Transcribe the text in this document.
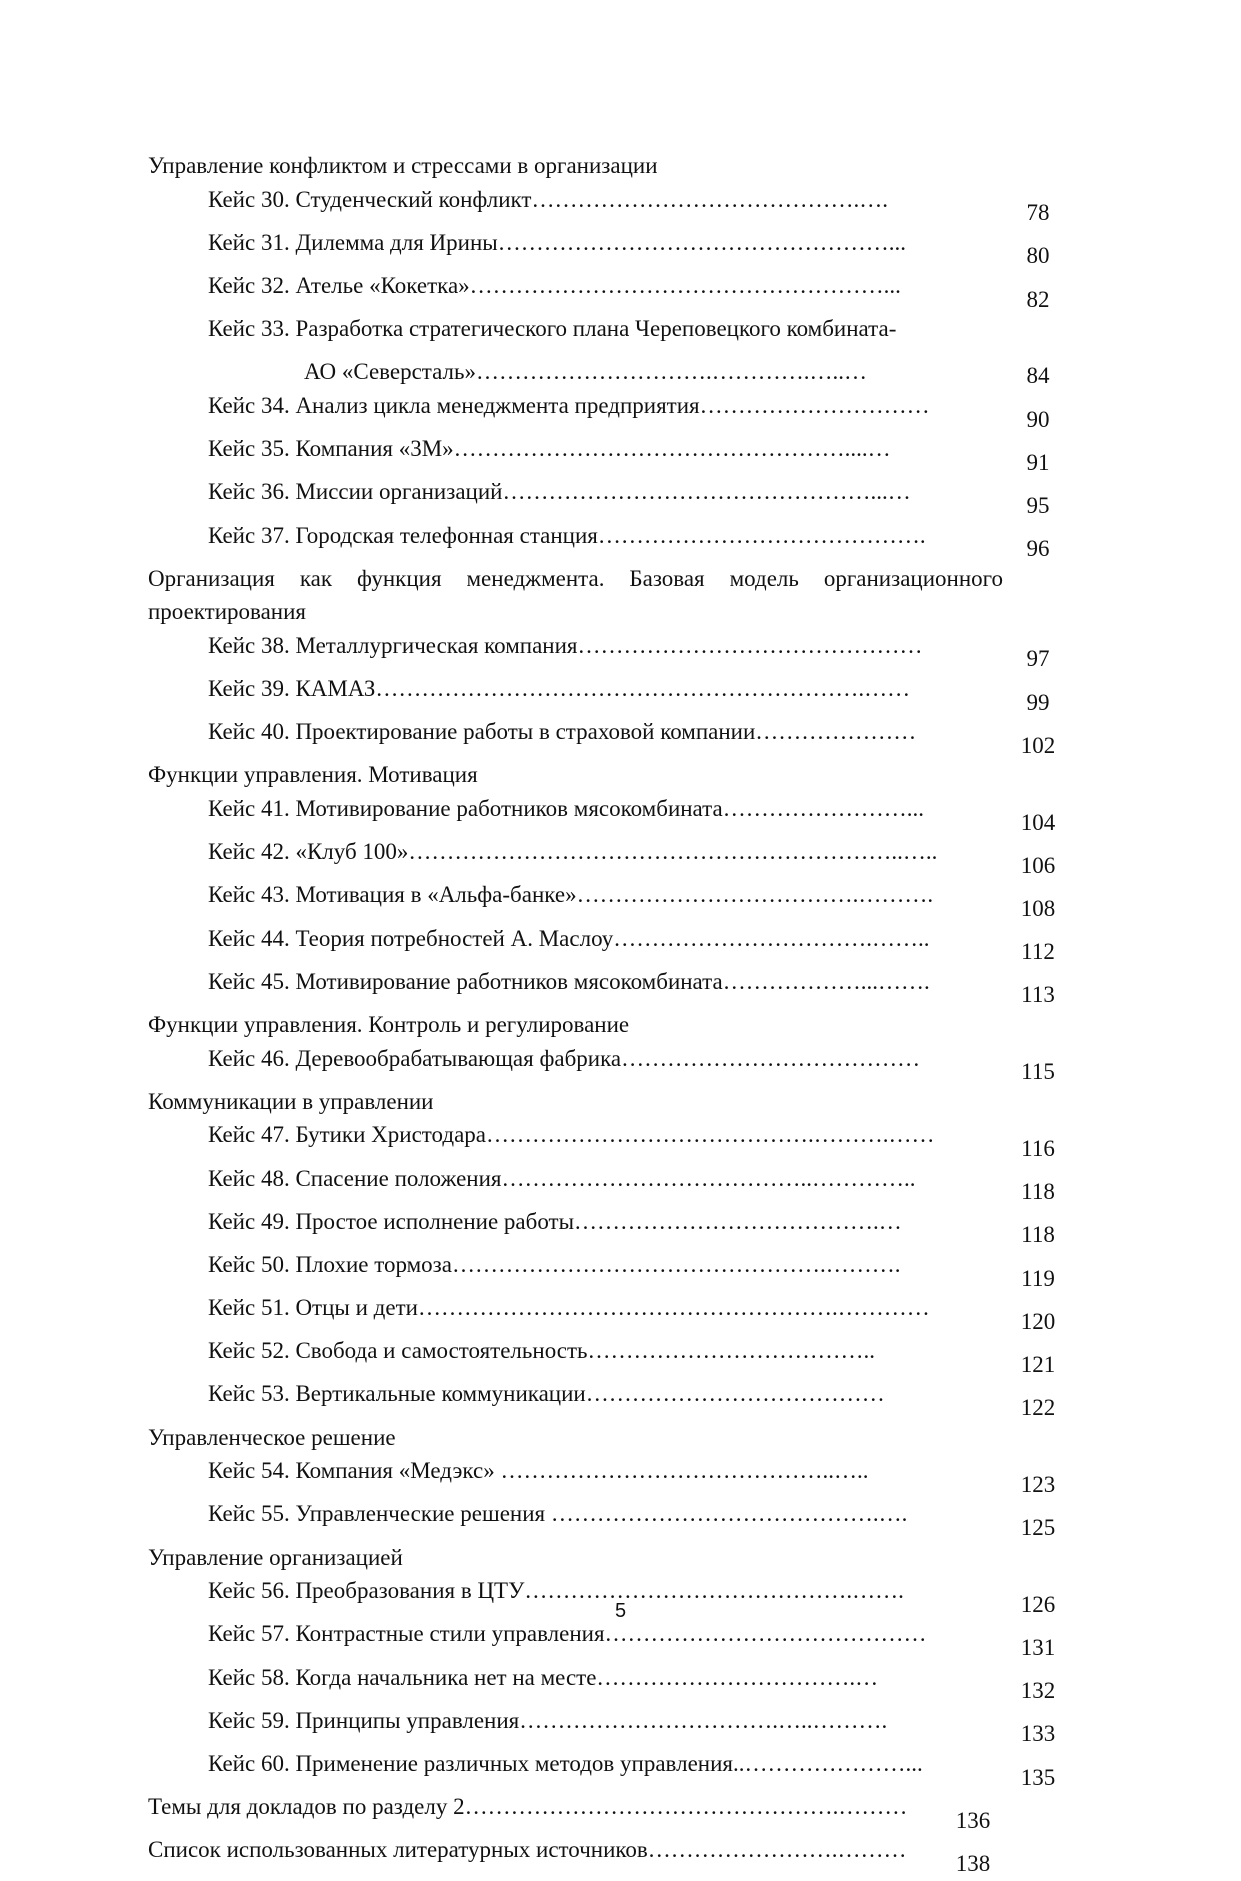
Управление конфликтом и стрессами в организации
Кейс 30. Студенческий конфликт…………………………………….….
78
Кейс 31. Дилемма для Ирины……………………………………………...
80
Кейс 32. Ателье «Кокетка»………………………………………………...
82
Кейс 33. Разработка стратегического плана Череповецкого комбината-
АО «Северсталь»………………………….………….…..…	84
Кейс 34. Анализ цикла менеджмента предприятия…………………………
90
Кейс 35. Компания «3М»……………………………………………....…
91
Кейс 36. Миссии организаций…………………………………………...…
95
Кейс 37. Городская телефонная станция…………………………………….
96
Организация как функция менеджмента. Базовая модель организационного проектирования
Кейс 38. Металлургическая компания………………………………………
97
Кейс 39. КАМАЗ……………………………………………………….……
99
Кейс 40. Проектирование работы в страховой компании…………………
102
Функции управления. Мотивация
Кейс 41. Мотивирование работников мясокомбината……………………...
104
Кейс 42. «Клуб 100»………………………………………………………..…..
106
Кейс 43. Мотивация в «Альфа-банке»……………………………….……….
108
Кейс 44. Теория потребностей А. Маслоу…………………………….……..
112
Кейс 45. Мотивирование работников мясокомбината………………...…….
113
Функции управления. Контроль и регулирование
Кейс 46. Деревообрабатывающая фабрика…………………………………
115
Коммуникации в управлении
Кейс 47. Бутики Христодара…………………………………….……….……
116
Кейс 48. Спасение положения…………………………………..…………..
118
Кейс 49. Простое исполнение работы………………………………….…
118
Кейс 50. Плохие тормоза………………………………………….……….
119
Кейс 51. Отцы и дети……………………………………………….…………
120
Кейс 52. Свобода и самостоятельность………………………………..
121
Кейс 53. Вертикальные коммуникации…………………………………
122
Управленческое решение
Кейс 54. Компания «Медэкс» ……………………………………..…..
123
Кейс 55. Управленческие решения …………………………………….….
125
Управление организацией
Кейс 56. Преобразования в ЦТУ…………………………………….…….
126
Кейс 57. Контрастные стили управления……………………………………
131
Кейс 58. Когда начальника нет на месте…………………………….…
132
Кейс 59. Принципы управления…………………………….…..……….
133
Кейс 60. Применение различных методов управления..…………………...
135
Темы для докладов по разделу 2………………………………………….………
136
Список использованных литературных источников…………………….………
138
5
